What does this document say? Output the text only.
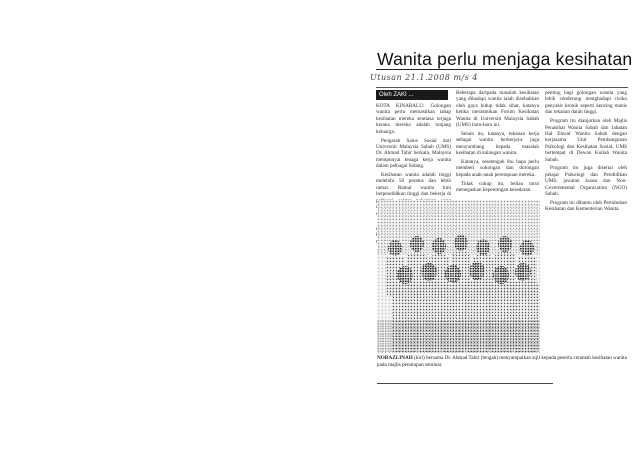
Wanita perlu menjaga kesihatan
Utusan 21.1.2008 m/s 4
Oleh ZAKI ...

KOTA KINABALU: Golongan wanita perlu memastikan tahap kesihatan mereka sentiasa terjaga kerana mereka adalah tunjang keluarga.

Pengarah Sains Sosial dari Universiti Malaysia Sabah (UMS) Dr. Ahmad Tahir berkata, Malaysia mempunyai tenaga kerja wanita dalam pelbagai bidang.

Kesihatan wanita adalah tinggi melebihi 50 peratus dan lebih ramai. Ramai wanita kini berpendidikan tinggi dan bekerja di

Beberapa daripada masalah kesihatan yang dihadapi wanita ialah disebabkan oleh gaya hidup tidak sihat, katanya ketika merasmikan Forum Kesihatan Wanita di Universiti Malaysia Sabah (UMS) baru-baru ini.

Selain itu, katanya, tekanan kerja sebagai wanita berkerjaya juga menyumbang kepada masalah kesihatan di kalangan wanita.

Katanya, sesetengah ibu bapa perlu memberi sokongan dan dorongan kepada anak-anak perempuan mereka.

Tidak cukup itu, beliau turut menegaskan kepentingan kesedaran.

penting bagi golongan wanita yang lebih cenderung menghadapi risiko penyakit kronik seperti kencing manis dan tekanan darah tinggi.

Program itu dianjurkan oleh Majlis Penasihat Wanita Sabah dan Jabatan Hal Ehwal Wanita Sabah dengan kerjasama Unit Pembangunan Psikologi dan Kesihatan Sosial, UMS bertempat di Dewan Kuliah Wanita Sabah.

Program itu juga disertai oleh pelajar Psikologi dan Pendidikan UMS, jawatan kuasa dan Non-Governmental Organization (NGO) Sabah.

Program itu dibantu oleh Pertubuhan Kesihatan dan Kementerian Wanita.

NORAZLINAH (kiri) bersama Dr. Ahmad Tahir (tengah) menyampaikan sijil kepada peserta ceramah kesihatan wanita pada majlis penutupan seminar.
